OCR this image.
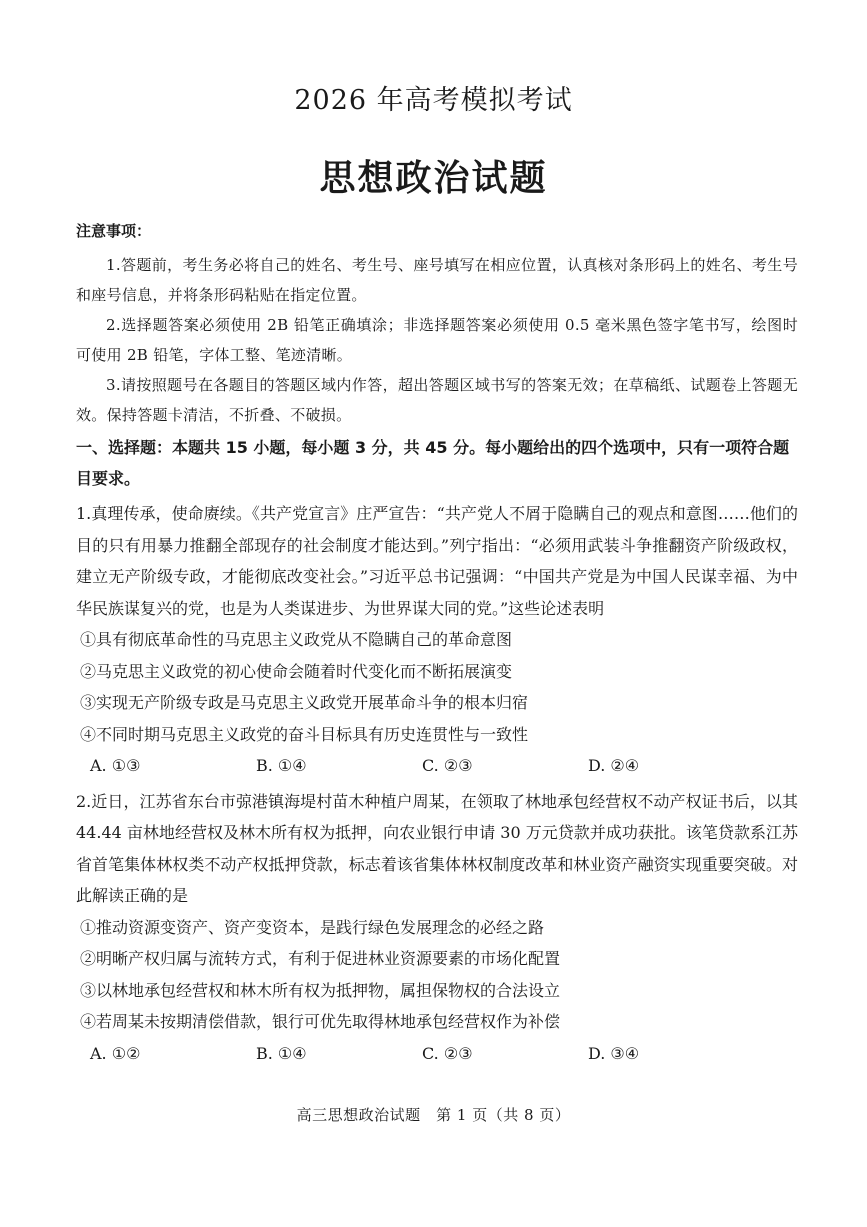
2026 年高考模拟考试
思想政治试题
注意事项：
1.答题前，考生务必将自己的姓名、考生号、座号填写在相应位置，认真核对条形码上的姓名、考生号和座号信息，并将条形码粘贴在指定位置。
2.选择题答案必须使用 2B 铅笔正确填涂；非选择题答案必须使用 0.5 毫米黑色签字笔书写，绘图时可使用 2B 铅笔，字体工整、笔迹清晰。
3.请按照题号在各题目的答题区域内作答，超出答题区域书写的答案无效；在草稿纸、试题卷上答题无效。保持答题卡清洁，不折叠、不破损。
一、选择题：本题共 15 小题，每小题 3 分，共 45 分。每小题给出的四个选项中，只有一项符合题目要求。
1.真理传承，使命赓续。《共产党宣言》庄严宣告：“共产党人不屑于隐瞒自己的观点和意图……他们的目的只有用暴力推翻全部现存的社会制度才能达到。”列宁指出：“必须用武装斗争推翻资产阶级政权，建立无产阶级专政，才能彻底改变社会。”习近平总书记强调：“中国共产党是为中国人民谋幸福、为中华民族谋复兴的党，也是为人类谋进步、为世界谋大同的党。”这些论述表明
①具有彻底革命性的马克思主义政党从不隐瞒自己的革命意图
②马克思主义政党的初心使命会随着时代变化而不断拓展演变
③实现无产阶级专政是马克思主义政党开展革命斗争的根本归宿
④不同时期马克思主义政党的奋斗目标具有历史连贯性与一致性
A. ①③	B. ①④	C. ②③	D. ②④
2.近日，江苏省东台市弶港镇海堤村苗木种植户周某，在领取了林地承包经营权不动产权证书后，以其 44.44 亩林地经营权及林木所有权为抵押，向农业银行申请 30 万元贷款并成功获批。该笔贷款系江苏省首笔集体林权类不动产权抵押贷款，标志着该省集体林权制度改革和林业资产融资实现重要突破。对此解读正确的是
①推动资源变资产、资产变资本，是践行绿色发展理念的必经之路
②明晰产权归属与流转方式，有利于促进林业资源要素的市场化配置
③以林地承包经营权和林木所有权为抵押物，属担保物权的合法设立
④若周某未按期清偿借款，银行可优先取得林地承包经营权作为补偿
A. ①②	B. ①④	C. ②③	D. ③④
高三思想政治试题　第 1 页（共 8 页）
